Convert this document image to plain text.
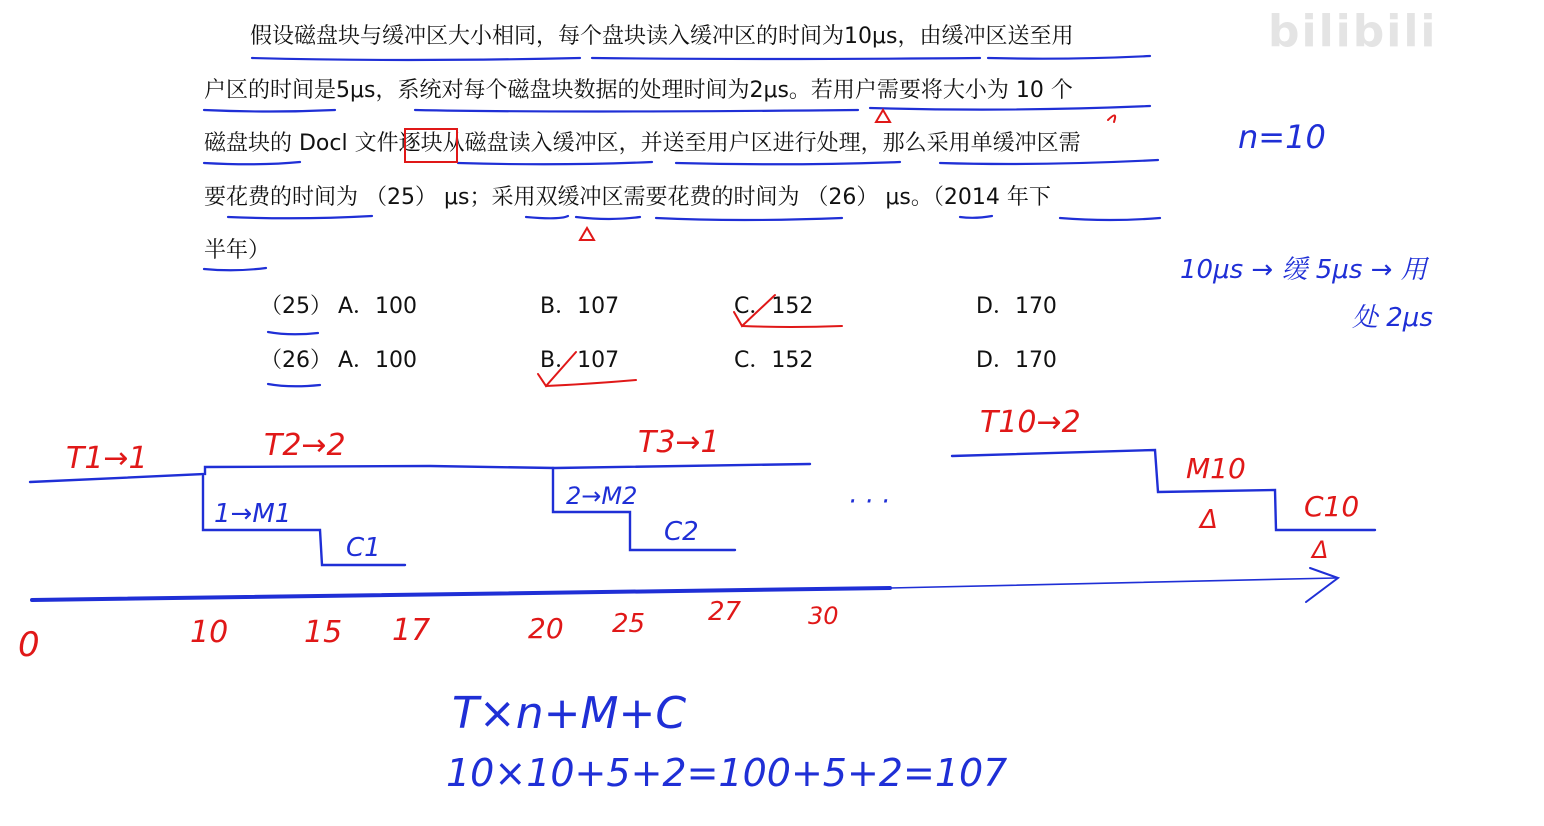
bilibili
假设磁盘块与缓冲区大小相同，每个盘块读入缓冲区的时间为10μs，由缓冲区送至用
户区的时间是5μs，系统对每个磁盘块数据的处理时间为2μs。若用户需要将大小为 10 个
磁盘块的 Docl 文件逐块从磁盘读入缓冲区，并送至用户区进行处理，那么采用单缓冲区需
要花费的时间为 （25） μs；采用双缓冲区需要花费的时间为 （26） μs。（2014 年下
半年）
（25） A．100	B．107	C．152	D．170
（26） A．100	B．107	C．152	D．170
n=10
10μs → 缓 5μs → 用
处 2μs
T1→1	T2→2	T3→1
T10→2
1→M1
C1
2→M2
C2
· · ·
M10
C10
Δ
Δ
0	10	15 17	20 25 27	30
T×n+M+C
10×10+5+2=100+5+2=107
